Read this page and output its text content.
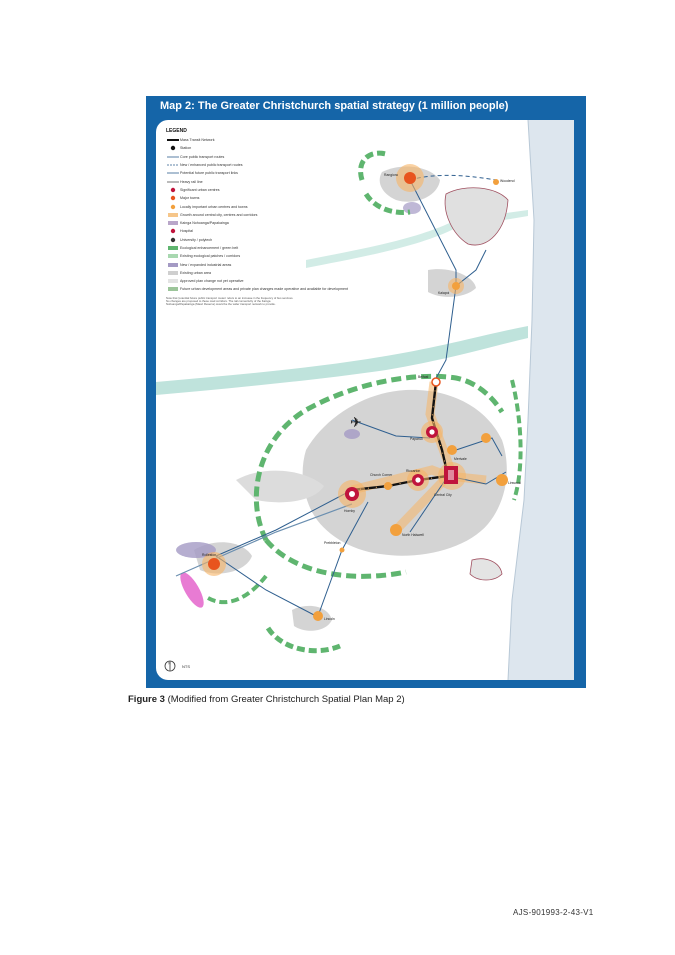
Map 2: The Greater Christchurch spatial strategy (1 million people)
✈
Rangiora
Woodend
Kaiapoi
Belfast
Papanui
Merivale
Church Corner
Riccarton
Central City
Hornby
Linwood
North Halswell
Prebbleton
Rolleston
Lincoln
LEGEND
Mass Transit Network
Station
Core public transport routes
New / enhanced public transport routes
Potential future public transport links
Heavy rail line
Significant urban centres
Major towns
Locally important urban centres and towns
Growth around central city, centres and corridors
Kainga Nohoanga/Papakainga
Hospital
University / polytech
Ecological enhancement / green belt
Existing ecological patches / corridors
New / expanded industrial areas
Existing urban area
Approved plan change not yet operative
Future urban development areas and private plan changes made operative and available for development
Note that 'potential future public transport routes' refers to an increase in the frequency of bus services. No changes are proposed to these road corridors. The rail connectivity of the Kainga Nohoanga/Papakainga (Maori Reserve) would be the wider transport network to provide.
N	NTS
Figure 3 (Modified from Greater Christchurch Spatial Plan Map 2)
AJS-901993-2-43-V1
